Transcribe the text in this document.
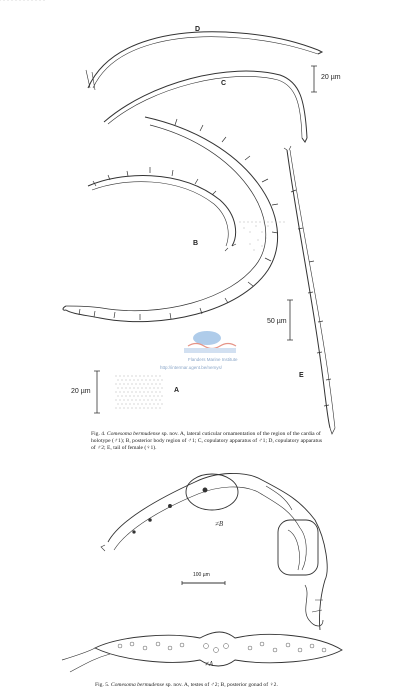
D
C
20 µm
B
50 µm
A
E
20 µm
Flanders Marine Institute
http://intermar.ugent.be/nemys/
Fig. 4. Comesoma bermudense sp. nov. A, lateral cuticular ornamentation of the region of the cardia of holotype (♂1); B, posterior body region of ♂1; C, copulatory apparatus of ♂1; D, copulatory apparatus of ♂2; E, tail of female (♀1).
≠B
100 µm
≠A
Fig. 5. Comesoma bermudense sp. nov. A, testes of ♂2; B, posterior gonad of ♀2.
